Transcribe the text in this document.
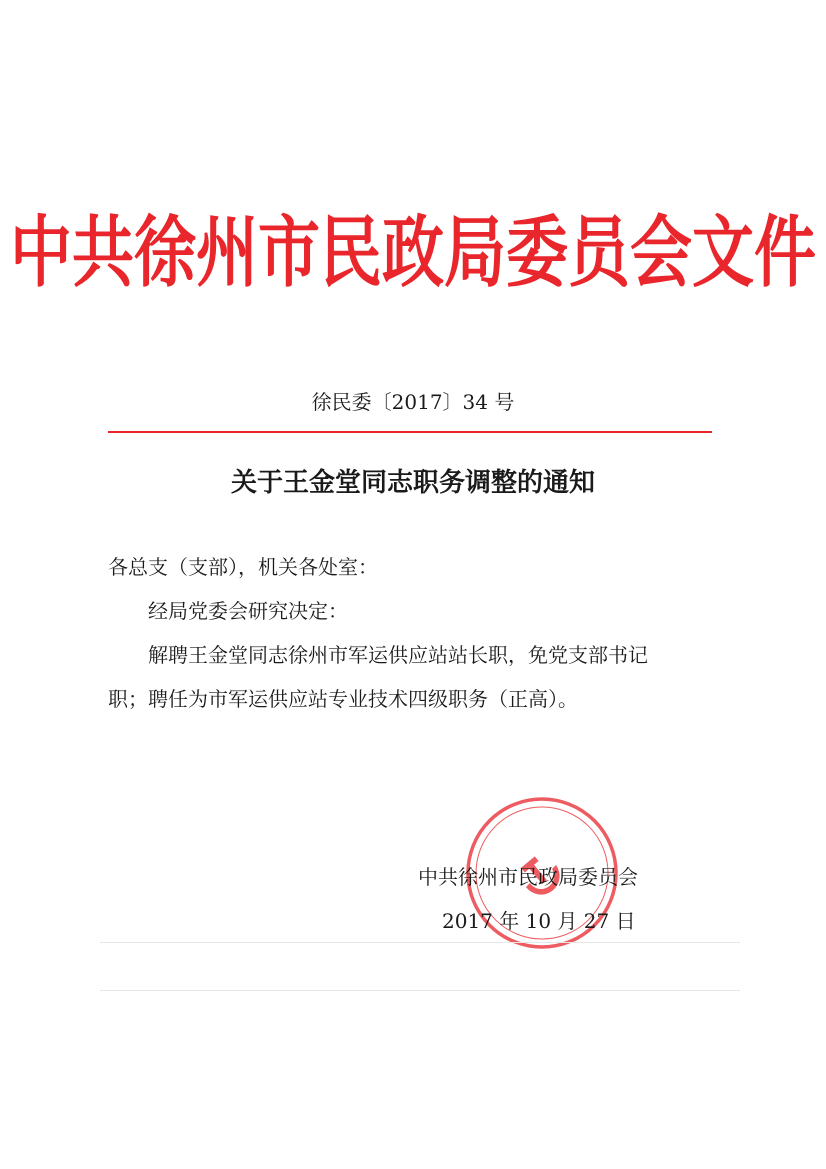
中共徐州市民政局委员会文件
徐民委〔2017〕34 号
关于王金堂同志职务调整的通知
各总支（支部），机关各处室：
经局党委会研究决定：
解聘王金堂同志徐州市军运供应站站长职，免党支部书记
职；聘任为市军运供应站专业技术四级职务（正高）。
中共徐州市民政局委员会
2017 年 10 月 27 日
